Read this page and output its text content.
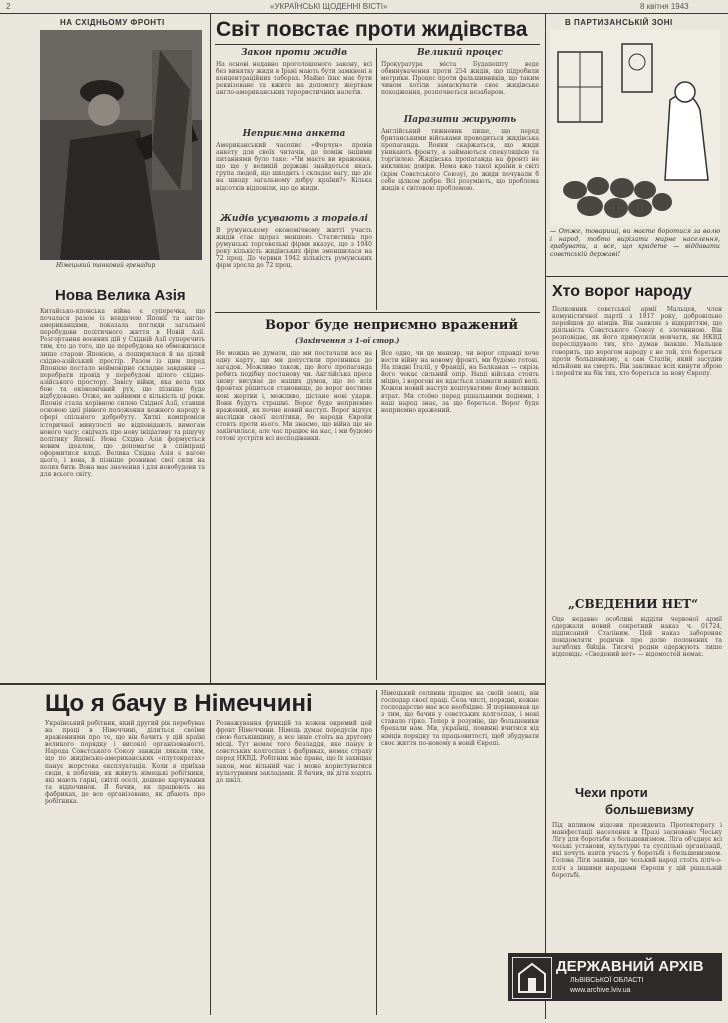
2	«УКРАЇНСЬКІ ЩОДЕННІ ВІСТІ»	8 квітня 1943
НА СХІДНЬОМУ ФРОНТІ
Німецький танковий гренадир
Нова Велика Азія
Китайсько-японська війна є суперечка, що почалася разом із невдачею Японії та англо-американцями, показала погляди загальної перебудови політичного життя в Новій Азії. Розгортання воєнних дій у Східній Азії суперечить тим, хто до того, що це перебудова не обмежилася лише старою Японією, а поширилася й на цілий східно-азійський простір. Разом із цим перед Японією постало неймовірне складне завдання — перебрати провід у перебудові цілого східно-азійського простору. Завісу війни, яка вела тих бою та економічний рух, що пізніше буде відбудовано. Отже, не зайвими є кількість ці роки. Японія стала керівною силою Східної Азії, ставши основою ідеї рівного положення кожного народу в сфері спільного добробуту. Хиткі компроміси історичної минулості не відповідають вимогам нового часу; свідчать про нову ініціативу та рішучу політику Японії. Нова Східна Азія формується новим ідеалом, що допомагає в співпраці оформитися владі. Велика Східна Азія є вагою цього, і вона, й пізніше розвиває свої сили на полях битв. Вона має значення і для новобудови та для всього світу.
Світ повстає проти жидівства
Закон проти жидів
На основі недавно проголошеного закону, всі без винятку жиди в Ірані мають бути замкнені в концентраційних таборах. Майно їхнє має бути реквізоване та вжите на допомогу жертвам англо-американських терористичних налетів.
Неприємна анкета
Американський часопис «Форчун» провів анкету для своїх читачів, де поміж іншими питаннями було таке: «Чи маєте ви враження, що ще у великій державі знайдеться якась група людей, що шкодить і складає вагу, що діє на шкоду загальному добру країни?» Кілька відсотків відповіли, що це жиди.
Жидів усувають з торгівлі
В румунському економічному житті участь жидів стає щораз меншою. Статистика про румунські торговельні фірми вказує, що з 1940 року кількість жидівських фірм зменшилася на 72 проц. До червня 1942 кількість румунських фірм зросла до 72 проц.
Великий процес
Прокуратура міста Будапешту веде обвинувачення проти 254 жидів, що підробили метрики. Процес проти фальшивників, що таким чином хотіли замаскувати своє жидівське походження, розпочнеться незабаром.
Паразити жирують
Англійський тижневик пише, що перед британськими військами проводиться жидівська пропаганда. Вояки скаржаться, що жиди уникають фронту, а займаються спекуляцією та торгівлею. Жидівська пропаганда на фронті не викликає довіри. Нема вже такої країни в світі (крім Совєтського Союзу), де жиди почували б себе цілком добре. Всі розуміють, що проблема жидів є світовою проблемою.
Ворог буде неприємно вражений
(Закінчення з 1-ої стор.)
Не можна не думати, що ми постачали все на одну карту, що ми допустили протиника до загадок. Можливо також, що його пропаганда робить подібну постанову чи. Англійська преса знову висуває до наших думок, що по всіх фронтах рішиться становище, де ворог нестиме нові жертви і, можливо, дістане нові удари. Вони будуть страшні. Ворог буде неприємно вражений, як почне новий наступ. Ворог відчує наслідки своєї політики, бо народи Європи стоять проти нього. Ми знаємо, що війна ще не закінчилася, але час працює на нас, і ми будемо готові зустріти всі несподіванки.
Все одно, чи це маневр, чи ворог справді хоче вести війну на новому фронті, ми будемо готові. На півдні Італії, у Франції, на Балканах — скрізь його чекає сильний опір. Наші війська стоять міцно, і ворогові не вдасться зламати нашої волі. Кожен новий наступ коштуватиме йому великих втрат. Ми стоїмо перед рішальними подіями, і наш народ знає, за що бореться. Ворог буде неприємно вражений.
В ПАРТИЗАНСЬКІЙ ЗОНІ
— Отже, товариші, ви маєте боротися за волю і народ, тобто вирізати мирне населення, грабувати, а все, що крадете — віддавати совєтській державі!
Хто ворог народу
Полковник совєтської армії Мальцев, член комуністичної партії з 1917 року, добровільно перейшов до німців. Він заявляє з відкриттям, що діяльність Совєтського Союзу є злочинною. Він розповідає, як його примусили мовчати, як НКВД переслідувало тих, хто думав інакше. Мальцев говорить, що ворогом народу є не той, хто бореться проти большевизму, а сам Сталін, який засудив мільйони на смерть. Він закликає всіх кинути зброю і перейти на бік тих, хто бореться за нову Європу.
„СВЕДЕНИИ НЕТ“
Оце недавно особливі відділи червоної армії одержали новий секретний наказ ч. 01724, підписаний Сталіним. Цей наказ забороняє повідомляти родичів про долю полонених та загиблих бійців. Тисячі родин одержують лише відповідь: «Сведений нет» — відомостей немає.
Чехи проти
большевизму
Під впливом відозви президента Протекторату і маніфестації населення в Празі засновано Чеську Лігу для боротьби з большевизмом. Ліга об'єднує всі чеські установи, культурні та суспільні організації, які хочуть взяти участь у боротьбі з большевизмом. Голова Ліги заявив, що чеський народ стоїть пліч-о-пліч з іншими народами Європи у цій рішальній боротьбі.
Що я бачу в Німеччині
Український робітник, який другий рік перебуває на праці в Німеччині, ділиться своїми враженнями про те, що він бачить у цій країні великого порядку і високої організованості. Народа Совєтського Союзу завжди лякали тим, що по жидівсько-американських «плутократах» панує жорстока експлуатація. Коли я приїхав сюди, я побачив, як живуть німецькі робітники, які мають гарні, світлі оселі, дешеве харчування та відпочинок. Я бачив, як працюють на фабриках, де все організовано, як дбають про робітника.
Розважування функцій та кожен окремий цей фронт Німеччини. Німець думає передусім про свою батьківщину, а все інше стоїть на другому місці. Тут немає того безладдя, яке панує в совєтських колгоспах і фабриках, немає страху перед НКВД. Робітник має права, що їх захищає закон, має вільний час і може користуватися культурними закладами. Я бачив, як діти ходять до шкіл.
Німецький селянин працює на своїй землі, він господар своєї праці. Села чисті, порядні, кожне господарство має все необхідне. Я порівнював це з тим, що бачив у совєтських колгоспах, і мені ставало гірко. Тепер я розумію, що большевики брехали нам. Ми, українці, повинні вчитися від німців порядку та працьовитості, щоб збудувати своє життя по-новому в новій Європі.
ДЕРЖАВНИЙ АРХІВ
ЛЬВІВСЬКОЇ ОБЛАСТІ
www.archive.lviv.ua
